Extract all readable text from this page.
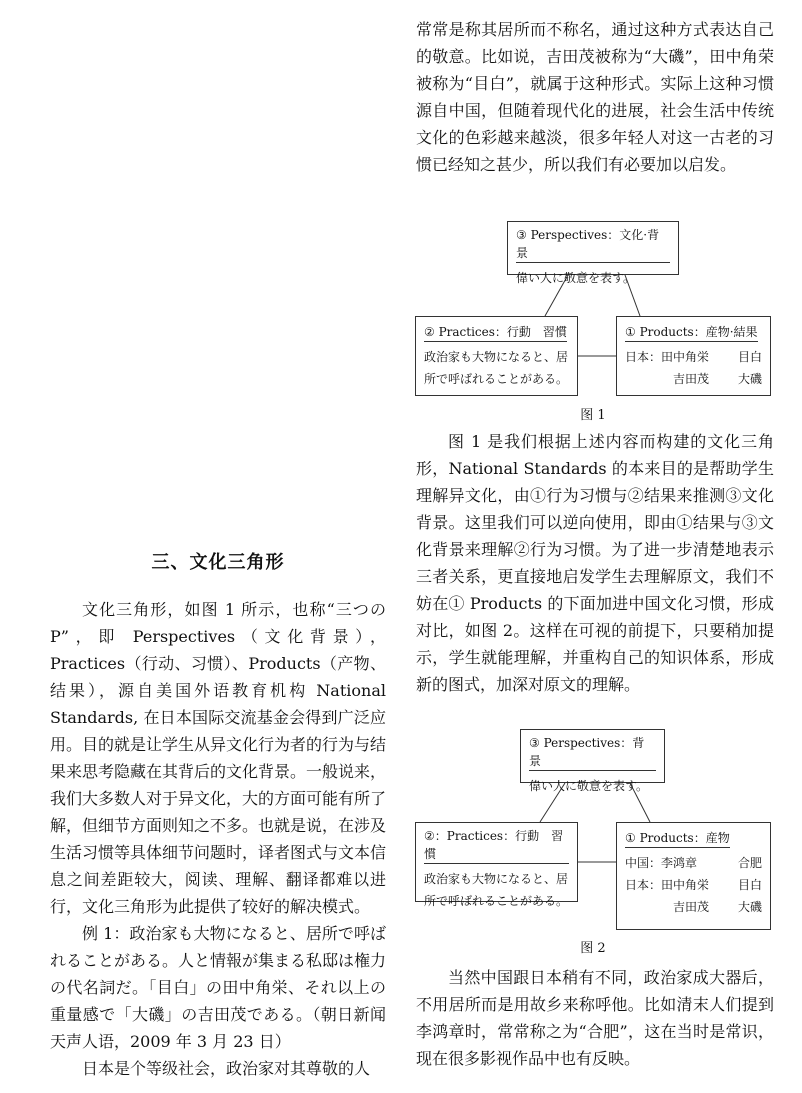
常常是称其居所而不称名，通过这种方式表达自己的敬意。比如说，吉田茂被称为“大磯”，田中角荣被称为“目白”，就属于这种形式。实际上这种习惯源自中国，但随着现代化的进展，社会生活中传统文化的色彩越来越淡，很多年轻人对这一古老的习惯已经知之甚少，所以我们有必要加以启发。

③ Perspectives：文化·背景
偉い人に敬意を表す。
② Practices：行動　習慣
政治家も大物になると、居
所で呼ばれることがある。
① Products：産物·結果
日本：田中角栄 目白
吉田茂 大磯
图 1

图 1 是我们根据上述内容而构建的文化三角形，National Standards 的本来目的是帮助学生理解异文化，由①行为习惯与②结果来推测③文化背景。这里我们可以逆向使用，即由①结果与③文化背景来理解②行为习惯。为了进一步清楚地表示三者关系，更直接地启发学生去理解原文，我们不妨在① Products 的下面加进中国文化习惯，形成对比，如图 2。这样在可视的前提下，只要稍加提示，学生就能理解，并重构自己的知识体系，形成新的图式，加深对原文的理解。

③ Perspectives：背景
偉い人に敬意を表す。
②：Practices：行動　習慣
政治家も大物になると、居
所で呼ばれることがある。
① Products：産物
中国：李鸿章	合肥
日本：田中角栄 目白
吉田茂 大磯
图 2

当然中国跟日本稍有不同，政治家成大器后，不用居所而是用故乡来称呼他。比如清末人们提到李鸿章时，常常称之为“合肥”，这在当时是常识，现在很多影视作品中也有反映。

三、文化三角形

文化三角形，如图 1 所示，也称“三つの P”，即 Perspectives（文化背景），Practices（行动、习惯）、Products（产物、结果），源自美国外语教育机构 National Standards, 在日本国际交流基金会得到广泛应用。目的就是让学生从异文化行为者的行为与结果来思考隐藏在其背后的文化背景。一般说来，我们大多数人对于异文化，大的方面可能有所了解，但细节方面则知之不多。也就是说，在涉及生活习惯等具体细节问题时，译者图式与文本信息之间差距较大，阅读、理解、翻译都难以进行，文化三角形为此提供了较好的解决模式。

例 1：政治家も大物になると、居所で呼ばれることがある。人と情報が集まる私邸は権力の代名詞だ。「目白」の田中角栄、それ以上の重量感で「大磯」の吉田茂である。（朝日新闻天声人语，2009 年 3 月 23 日）

日本是个等级社会，政治家对其尊敬的人
